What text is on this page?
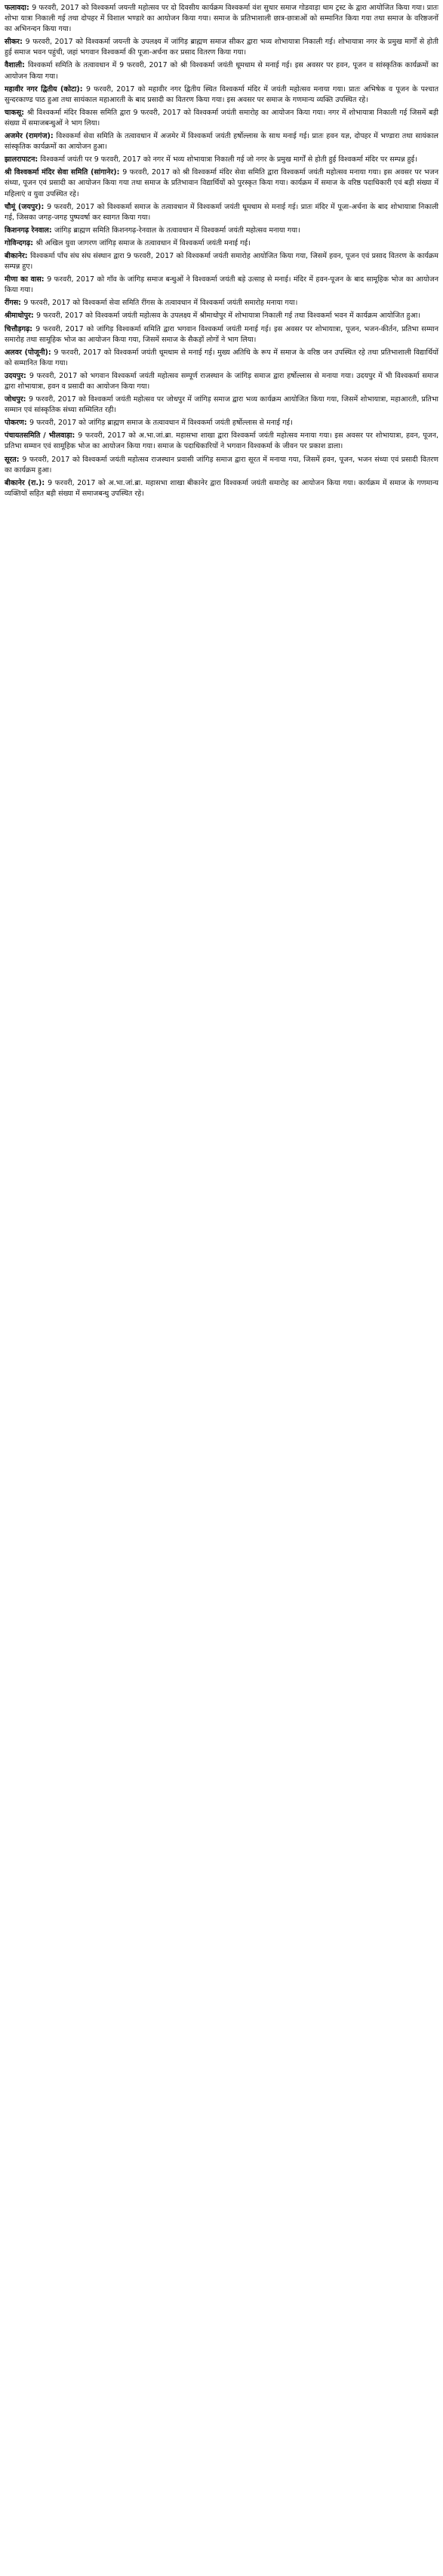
फलावदा: 9 फरवरी, 2017 को विश्वकर्मा जयन्ती महोत्सव पर दो दिवसीय कार्यक्रम विश्वकर्मा वंश सुथार समाज गोडवाड़ा धाम ट्रस्ट के द्वारा आयोजित किया गया। प्रातः शोभा यात्रा निकाली गई तथा दोपहर में विशाल भण्डारे का आयोजन किया गया। समाज के प्रतिभाशाली छात्र-छात्राओं को सम्मानित किया गया तथा समाज के वरिष्ठजनों का अभिनन्दन किया गया।
सीकर: 9 फरवरी, 2017 को विश्वकर्मा जयन्ती के उपलक्ष्य में जांगिड़ ब्राह्मण समाज सीकर द्वारा भव्य शोभायात्रा निकाली गई। शोभायात्रा नगर के प्रमुख मार्गों से होती हुई समाज भवन पहुंची, जहां भगवान विश्वकर्मा की पूजा-अर्चना कर प्रसाद वितरण किया गया।
वैशाली: विश्वकर्मा समिति के तत्वावधान में 9 फरवरी, 2017 को श्री विश्वकर्मा जयंती धूमधाम से मनाई गई। इस अवसर पर हवन, पूजन व सांस्कृतिक कार्यक्रमों का आयोजन किया गया।
महावीर नगर द्वितीय (कोटा): 9 फरवरी, 2017 को महावीर नगर द्वितीय स्थित विश्वकर्मा मंदिर में जयंती महोत्सव मनाया गया। प्रातः अभिषेक व पूजन के पश्चात सुन्दरकाण्ड पाठ हुआ तथा सायंकाल महाआरती के बाद प्रसादी का वितरण किया गया। इस अवसर पर समाज के गणमान्य व्यक्ति उपस्थित रहे।
चाकसू: श्री विश्वकर्मा मंदिर विकास समिति द्वारा 9 फरवरी, 2017 को विश्वकर्मा जयंती समारोह का आयोजन किया गया। नगर में शोभायात्रा निकाली गई जिसमें बड़ी संख्या में समाजबन्धुओं ने भाग लिया।
अजमेर (रामगंज): विश्वकर्मा सेवा समिति के तत्वावधान में अजमेर में विश्वकर्मा जयंती हर्षोल्लास के साथ मनाई गई। प्रातः हवन यज्ञ, दोपहर में भण्डारा तथा सायंकाल सांस्कृतिक कार्यक्रमों का आयोजन हुआ।
झालरापाटन: विश्वकर्मा जयंती पर 9 फरवरी, 2017 को नगर में भव्य शोभायात्रा निकाली गई जो नगर के प्रमुख मार्गों से होती हुई विश्वकर्मा मंदिर पर सम्पन्न हुई।
श्री विश्वकर्मा मंदिर सेवा समिति (सांगानेर): 9 फरवरी, 2017 को श्री विश्वकर्मा मंदिर सेवा समिति द्वारा विश्वकर्मा जयंती महोत्सव मनाया गया। इस अवसर पर भजन संध्या, पूजन एवं प्रसादी का आयोजन किया गया तथा समाज के प्रतिभावान विद्यार्थियों को पुरस्कृत किया गया। कार्यक्रम में समाज के वरिष्ठ पदाधिकारी एवं बड़ी संख्या में महिलाएं व युवा उपस्थित रहे।
चौमूं (जयपुर): 9 फरवरी, 2017 को विश्वकर्मा समाज के तत्वावधान में विश्वकर्मा जयंती धूमधाम से मनाई गई। प्रातः मंदिर में पूजा-अर्चना के बाद शोभायात्रा निकाली गई, जिसका जगह-जगह पुष्पवर्षा कर स्वागत किया गया।
किशनगढ़ रेनवाल: जांगिड़ ब्राह्मण समिति किशनगढ़-रेनवाल के तत्वावधान में विश्वकर्मा जयंती महोत्सव मनाया गया।
गोविन्दगढ़: श्री अखिल युवा जागरण जांगिड़ समाज के तत्वावधान में विश्वकर्मा जयंती मनाई गई।
बीकानेर: विश्वकर्मा पाँच संघ संघ संस्थान द्वारा 9 फरवरी, 2017 को विश्वकर्मा जयंती समारोह आयोजित किया गया, जिसमें हवन, पूजन एवं प्रसाद वितरण के कार्यक्रम सम्पन्न हुए।
मीणा का वास: 9 फरवरी, 2017 को गाँव के जांगिड़ समाज बन्धुओं ने विश्वकर्मा जयंती बड़े उत्साह से मनाई। मंदिर में हवन-पूजन के बाद सामूहिक भोज का आयोजन किया गया।
रींगस: 9 फरवरी, 2017 को विश्वकर्मा सेवा समिति रींगस के तत्वावधान में विश्वकर्मा जयंती समारोह मनाया गया।
श्रीमाधोपुर: 9 फरवरी, 2017 को विश्वकर्मा जयंती महोत्सव के उपलक्ष्य में श्रीमाधोपुर में शोभायात्रा निकाली गई तथा विश्वकर्मा भवन में कार्यक्रम आयोजित हुआ।
चित्तौड़गढ़: 9 फरवरी, 2017 को जांगिड़ विश्वकर्मा समिति द्वारा भगवान विश्वकर्मा जयंती मनाई गई। इस अवसर पर शोभायात्रा, पूजन, भजन-कीर्तन, प्रतिभा सम्मान समारोह तथा सामूहिक भोज का आयोजन किया गया, जिसमें समाज के सैकड़ों लोगों ने भाग लिया।
अलवर (पोजूनी): 9 फरवरी, 2017 को विश्वकर्मा जयंती धूमधाम से मनाई गई। मुख्य अतिथि के रूप में समाज के वरिष्ठ जन उपस्थित रहे तथा प्रतिभाशाली विद्यार्थियों को सम्मानित किया गया।
उदयपुर: 9 फरवरी, 2017 को भगवान विश्वकर्मा जयंती महोत्सव सम्पूर्ण राजस्थान के जांगिड़ समाज द्वारा हर्षोल्लास से मनाया गया। उदयपुर में भी विश्वकर्मा समाज द्वारा शोभायात्रा, हवन व प्रसादी का आयोजन किया गया।
जोधपुर: 9 फरवरी, 2017 को विश्वकर्मा जयंती महोत्सव पर जोधपुर में जांगिड़ समाज द्वारा भव्य कार्यक्रम आयोजित किया गया, जिसमें शोभायात्रा, महाआरती, प्रतिभा सम्मान एवं सांस्कृतिक संध्या सम्मिलित रही।
पोकरण: 9 फरवरी, 2017 को जांगिड़ ब्राह्मण समाज के तत्वावधान में विश्वकर्मा जयंती हर्षोल्लास से मनाई गई।
पंचायतसमिति / भीलवाड़ा: 9 फरवरी, 2017 को अ.भा.जां.ब्रा. महासभा शाखा द्वारा विश्वकर्मा जयंती महोत्सव मनाया गया। इस अवसर पर शोभायात्रा, हवन, पूजन, प्रतिभा सम्मान एवं सामूहिक भोज का आयोजन किया गया। समाज के पदाधिकारियों ने भगवान विश्वकर्मा के जीवन पर प्रकाश डाला।
सूरत: 9 फरवरी, 2017 को विश्वकर्मा जयंती महोत्सव राजस्थान प्रवासी जांगिड़ समाज द्वारा सूरत में मनाया गया, जिसमें हवन, पूजन, भजन संध्या एवं प्रसादी वितरण का कार्यक्रम हुआ।
बीकानेर (रा.): 9 फरवरी, 2017 को अ.भा.जां.ब्रा. महासभा शाखा बीकानेर द्वारा विश्वकर्मा जयंती समारोह का आयोजन किया गया। कार्यक्रम में समाज के गणमान्य व्यक्तियों सहित बड़ी संख्या में समाजबन्धु उपस्थित रहे।
